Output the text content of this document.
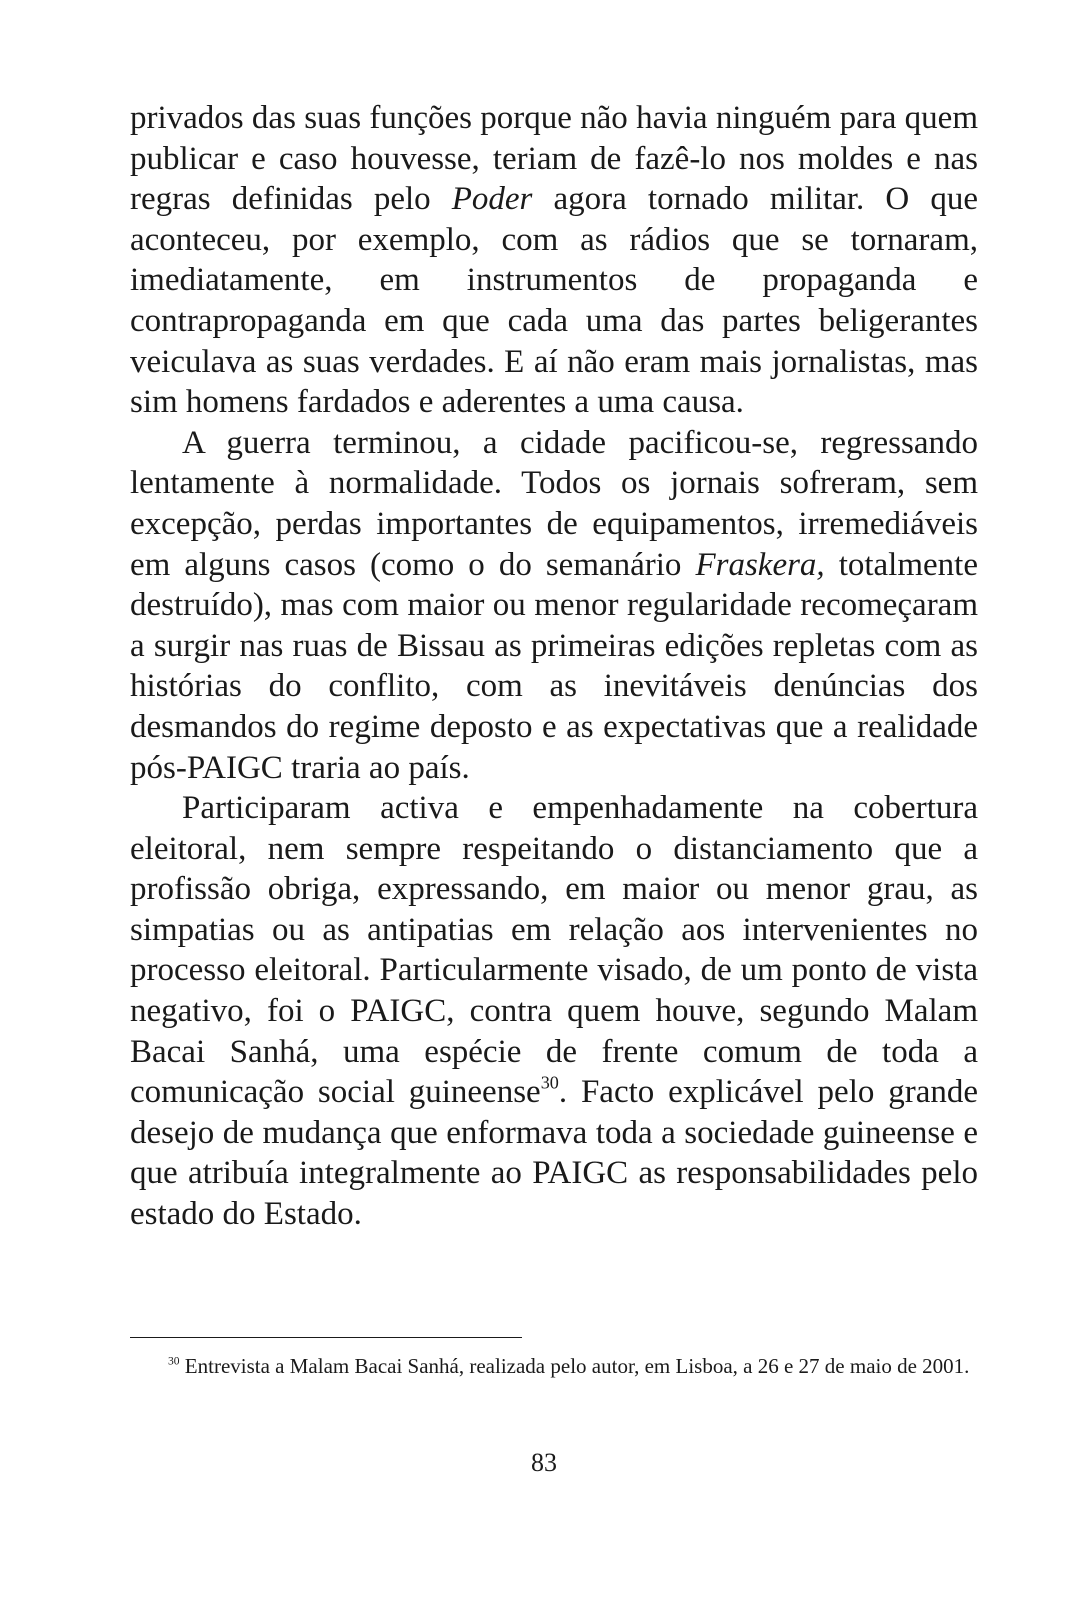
privados das suas funções porque não havia ninguém para quem publicar e caso houvesse, teriam de fazê-lo nos moldes e nas regras definidas pelo Poder agora tornado militar. O que aconteceu, por exemplo, com as rádios que se tornaram, imediatamente, em instrumentos de propaganda e contrapropaganda em que cada uma das partes beligerantes veiculava as suas verdades. E aí não eram mais jornalistas, mas sim homens fardados e aderentes a uma causa.

A guerra terminou, a cidade pacificou-se, regressando lentamente à normalidade. Todos os jornais sofreram, sem excepção, perdas importantes de equipamentos, irremediáveis em alguns casos (como o do semanário Fraskera, totalmente destruído), mas com maior ou menor regularidade recomeçaram a surgir nas ruas de Bissau as primeiras edições repletas com as histórias do conflito, com as inevitáveis denúncias dos desmandos do regime deposto e as expectativas que a realidade pós-PAIGC traria ao país.

Participaram activa e empenhadamente na cobertura eleitoral, nem sempre respeitando o distanciamento que a profissão obriga, expressando, em maior ou menor grau, as simpatias ou as antipatias em relação aos intervenientes no processo eleitoral. Particularmente visado, de um ponto de vista negativo, foi o PAIGC, contra quem houve, segundo Malam Bacai Sanhá, uma espécie de frente comum de toda a comunicação social guineense$^{30}$. Facto explicável pelo grande desejo de mudança que enformava toda a sociedade guineense e que atribuía integralmente ao PAIGC as responsabilidades pelo estado do Estado.

$^{30}$ Entrevista a Malam Bacai Sanhá, realizada pelo autor, em Lisboa, a 26 e 27 de maio de 2001.
83
